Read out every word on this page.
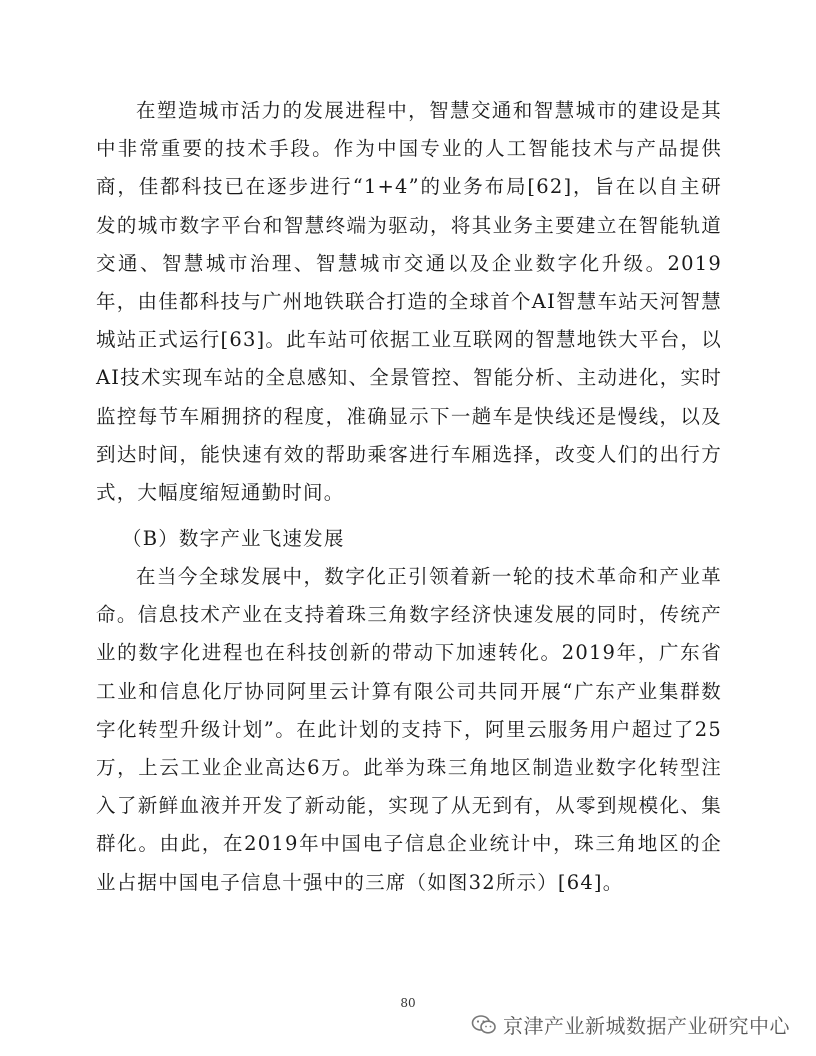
在塑造城市活力的发展进程中，智慧交通和智慧城市的建设是其中非常重要的技术手段。作为中国专业的人工智能技术与产品提供商，佳都科技已在逐步进行“1+4”的业务布局[62]，旨在以自主研发的城市数字平台和智慧终端为驱动，将其业务主要建立在智能轨道交通、智慧城市治理、智慧城市交通以及企业数字化升级。2019年，由佳都科技与广州地铁联合打造的全球首个AI智慧车站天河智慧城站正式运行[63]。此车站可依据工业互联网的智慧地铁大平台，以AI技术实现车站的全息感知、全景管控、智能分析、主动进化，实时监控每节车厢拥挤的程度，准确显示下一趟车是快线还是慢线，以及到达时间，能快速有效的帮助乘客进行车厢选择，改变人们的出行方式，大幅度缩短通勤时间。

（B）数字产业飞速发展

在当今全球发展中，数字化正引领着新一轮的技术革命和产业革命。信息技术产业在支持着珠三角数字经济快速发展的同时，传统产业的数字化进程也在科技创新的带动下加速转化。2019年，广东省工业和信息化厅协同阿里云计算有限公司共同开展“广东产业集群数字化转型升级计划”。在此计划的支持下，阿里云服务用户超过了25万，上云工业企业高达6万。此举为珠三角地区制造业数字化转型注入了新鲜血液并开发了新动能，实现了从无到有，从零到规模化、集群化。由此，在2019年中国电子信息企业统计中，珠三角地区的企业占据中国电子信息十强中的三席（如图32所示）[64]。

80
京津产业新城数据产业研究中心
